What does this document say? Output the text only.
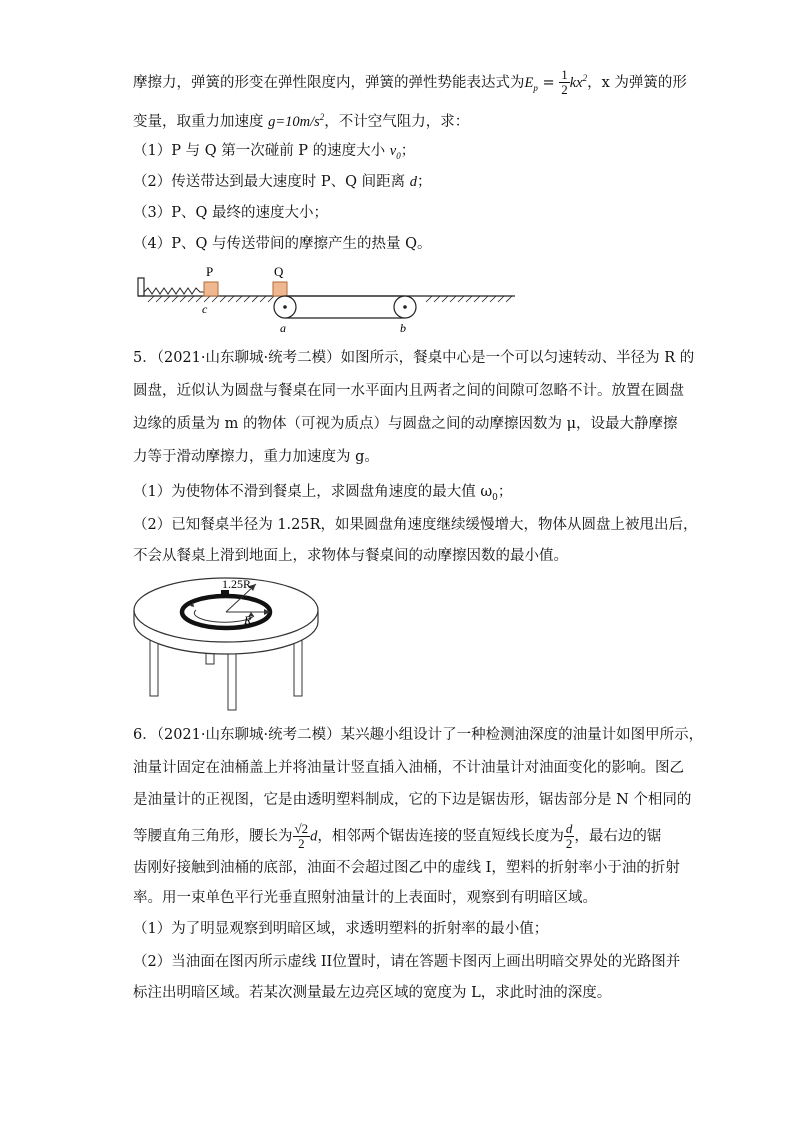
摩擦力，弹簧的形变在弹性限度内，弹簧的弹性势能表达式为$E_p = \frac{1}{2} kx^2$，x 为弹簧的形
变量，取重力加速度 $g=10m/s^2$，不计空气阻力，求：
（1）P 与 Q 第一次碰前 P 的速度大小 $v_0$；
（2）传送带达到最大速度时 P、Q 间距离 d；
（3）P、Q 最终的速度大小；
（4）P、Q 与传送带间的摩擦产生的热量 Q。
P
c
Q
a	b
5．（2021·山东聊城·统考二模）如图所示，餐桌中心是一个可以匀速转动、半径为 R 的
圆盘，近似认为圆盘与餐桌在同一水平面内且两者之间的间隙可忽略不计。放置在圆盘
边缘的质量为 m 的物体（可视为质点）与圆盘之间的动摩擦因数为 μ，设最大静摩擦
力等于滑动摩擦力，重力加速度为 g。
（1）为使物体不滑到餐桌上，求圆盘角速度的最大值 $\omega_0$；
（2）已知餐桌半径为 1.25R，如果圆盘角速度继续缓慢增大，物体从圆盘上被甩出后，
不会从餐桌上滑到地面上，求物体与餐桌间的动摩擦因数的最小值。
1.25R
R
6．（2021·山东聊城·统考二模）某兴趣小组设计了一种检测油深度的油量计如图甲所示，
油量计固定在油桶盖上并将油量计竖直插入油桶，不计油量计对油面变化的影响。图乙
是油量计的正视图，它是由透明塑料制成，它的下边是锯齿形，锯齿部分是 N 个相同的
等腰直角三角形，腰长为 $\frac{√2}{2}$ d，相邻两个锯齿连接的竖直短线长度为 $\frac{d}{2}$ ，最右边的锯
齿刚好接触到油桶的底部，油面不会超过图乙中的虚线 I，塑料的折射率小于油的折射
率。用一束单色平行光垂直照射油量计的上表面时，观察到有明暗区域。
（1）为了明显观察到明暗区域，求透明塑料的折射率的最小值；
（2）当油面在图丙所示虚线 II位置时，请在答题卡图丙上画出明暗交界处的光路图并
标注出明暗区域。若某次测量最左边亮区域的宽度为 L，求此时油的深度。
